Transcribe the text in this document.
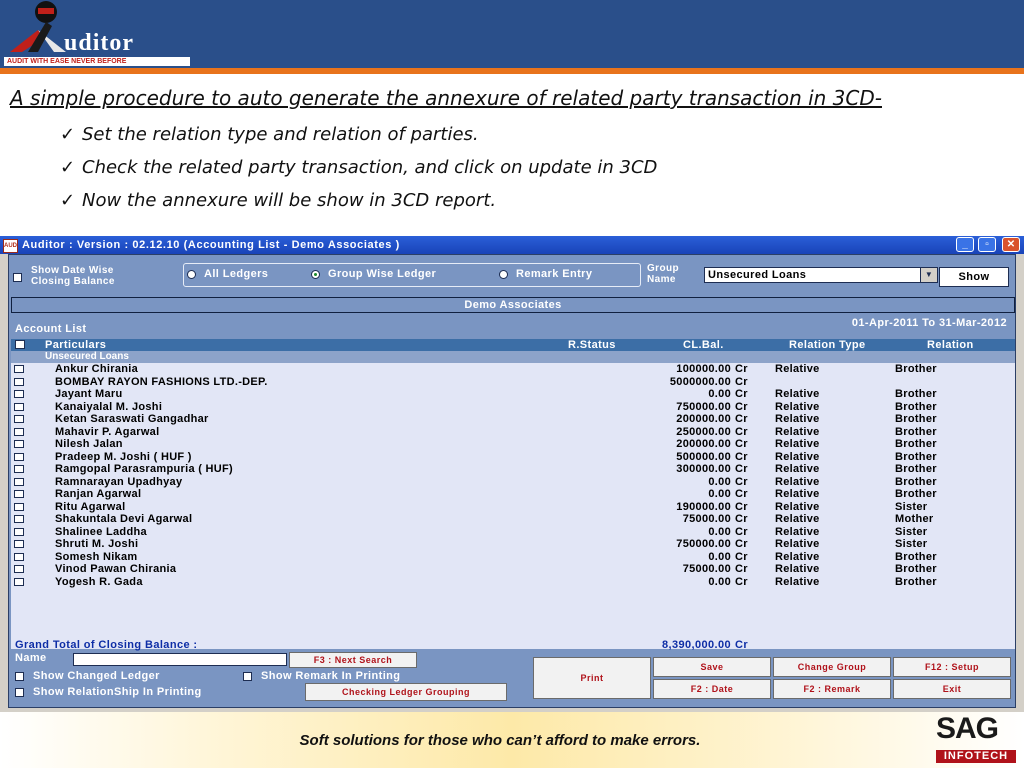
uditor
AUDIT WITH EASE NEVER BEFORE
A simple procedure to auto generate the annexure of related party transaction in 3CD-
✓ Set the relation type and relation of parties.
✓ Check the related party transaction, and click on update in 3CD
✓ Now the annexure will be show in 3CD report.
AUD Auditor : Version : 02.12.10 (Accounting List - Demo Associates )	_	▫	✕
Show Date Wise
Closing Balance
All Ledgers	Group Wise Ledger	Remark Entry	Group
Name	Unsecured Loans	▼	Show
Demo Associates
Account List	01-Apr-2011 To 31-Mar-2012
Particulars	R.Status	CL.Bal.	Relation Type	Relation
Unsecured Loans
Ankur Chirania	100000.00 Cr Relative	Brother
BOMBAY RAYON FASHIONS LTD.-DEP.	5000000.00 Cr
Jayant Maru	0.00 Cr Relative	Brother
Kanaiyalal M. Joshi	750000.00 Cr Relative	Brother
Ketan Saraswati Gangadhar	200000.00 Cr Relative	Brother
Mahavir P. Agarwal	250000.00 Cr Relative	Brother
Nilesh Jalan	200000.00 Cr Relative	Brother
Pradeep M. Joshi ( HUF )	500000.00 Cr Relative	Brother
Ramgopal Parasrampuria ( HUF)	300000.00 Cr Relative	Brother
Ramnarayan Upadhyay	0.00 Cr Relative	Brother
Ranjan Agarwal	0.00 Cr Relative	Brother
Ritu Agarwal	190000.00 Cr Relative	Sister
Shakuntala Devi Agarwal	75000.00 Cr Relative	Mother
Shalinee Laddha	0.00 Cr Relative	Sister
Shruti M. Joshi	750000.00 Cr Relative	Sister
Somesh Nikam	0.00 Cr Relative	Brother
Vinod Pawan Chirania	75000.00 Cr Relative	Brother
Yogesh R. Gada	0.00 Cr Relative	Brother
Grand Total of Closing Balance :	8,390,000.00 Cr
Name	F3 : Next Search
Show Changed Ledger	Show Remark In Printing
Show RelationShip In Printing	Checking Ledger Grouping
Print
Save	Change Group	F12 : Setup
F2 : Date	F2 : Remark	Exit
Soft solutions for those who can’t afford to make errors.	SAG
INFOTECH
